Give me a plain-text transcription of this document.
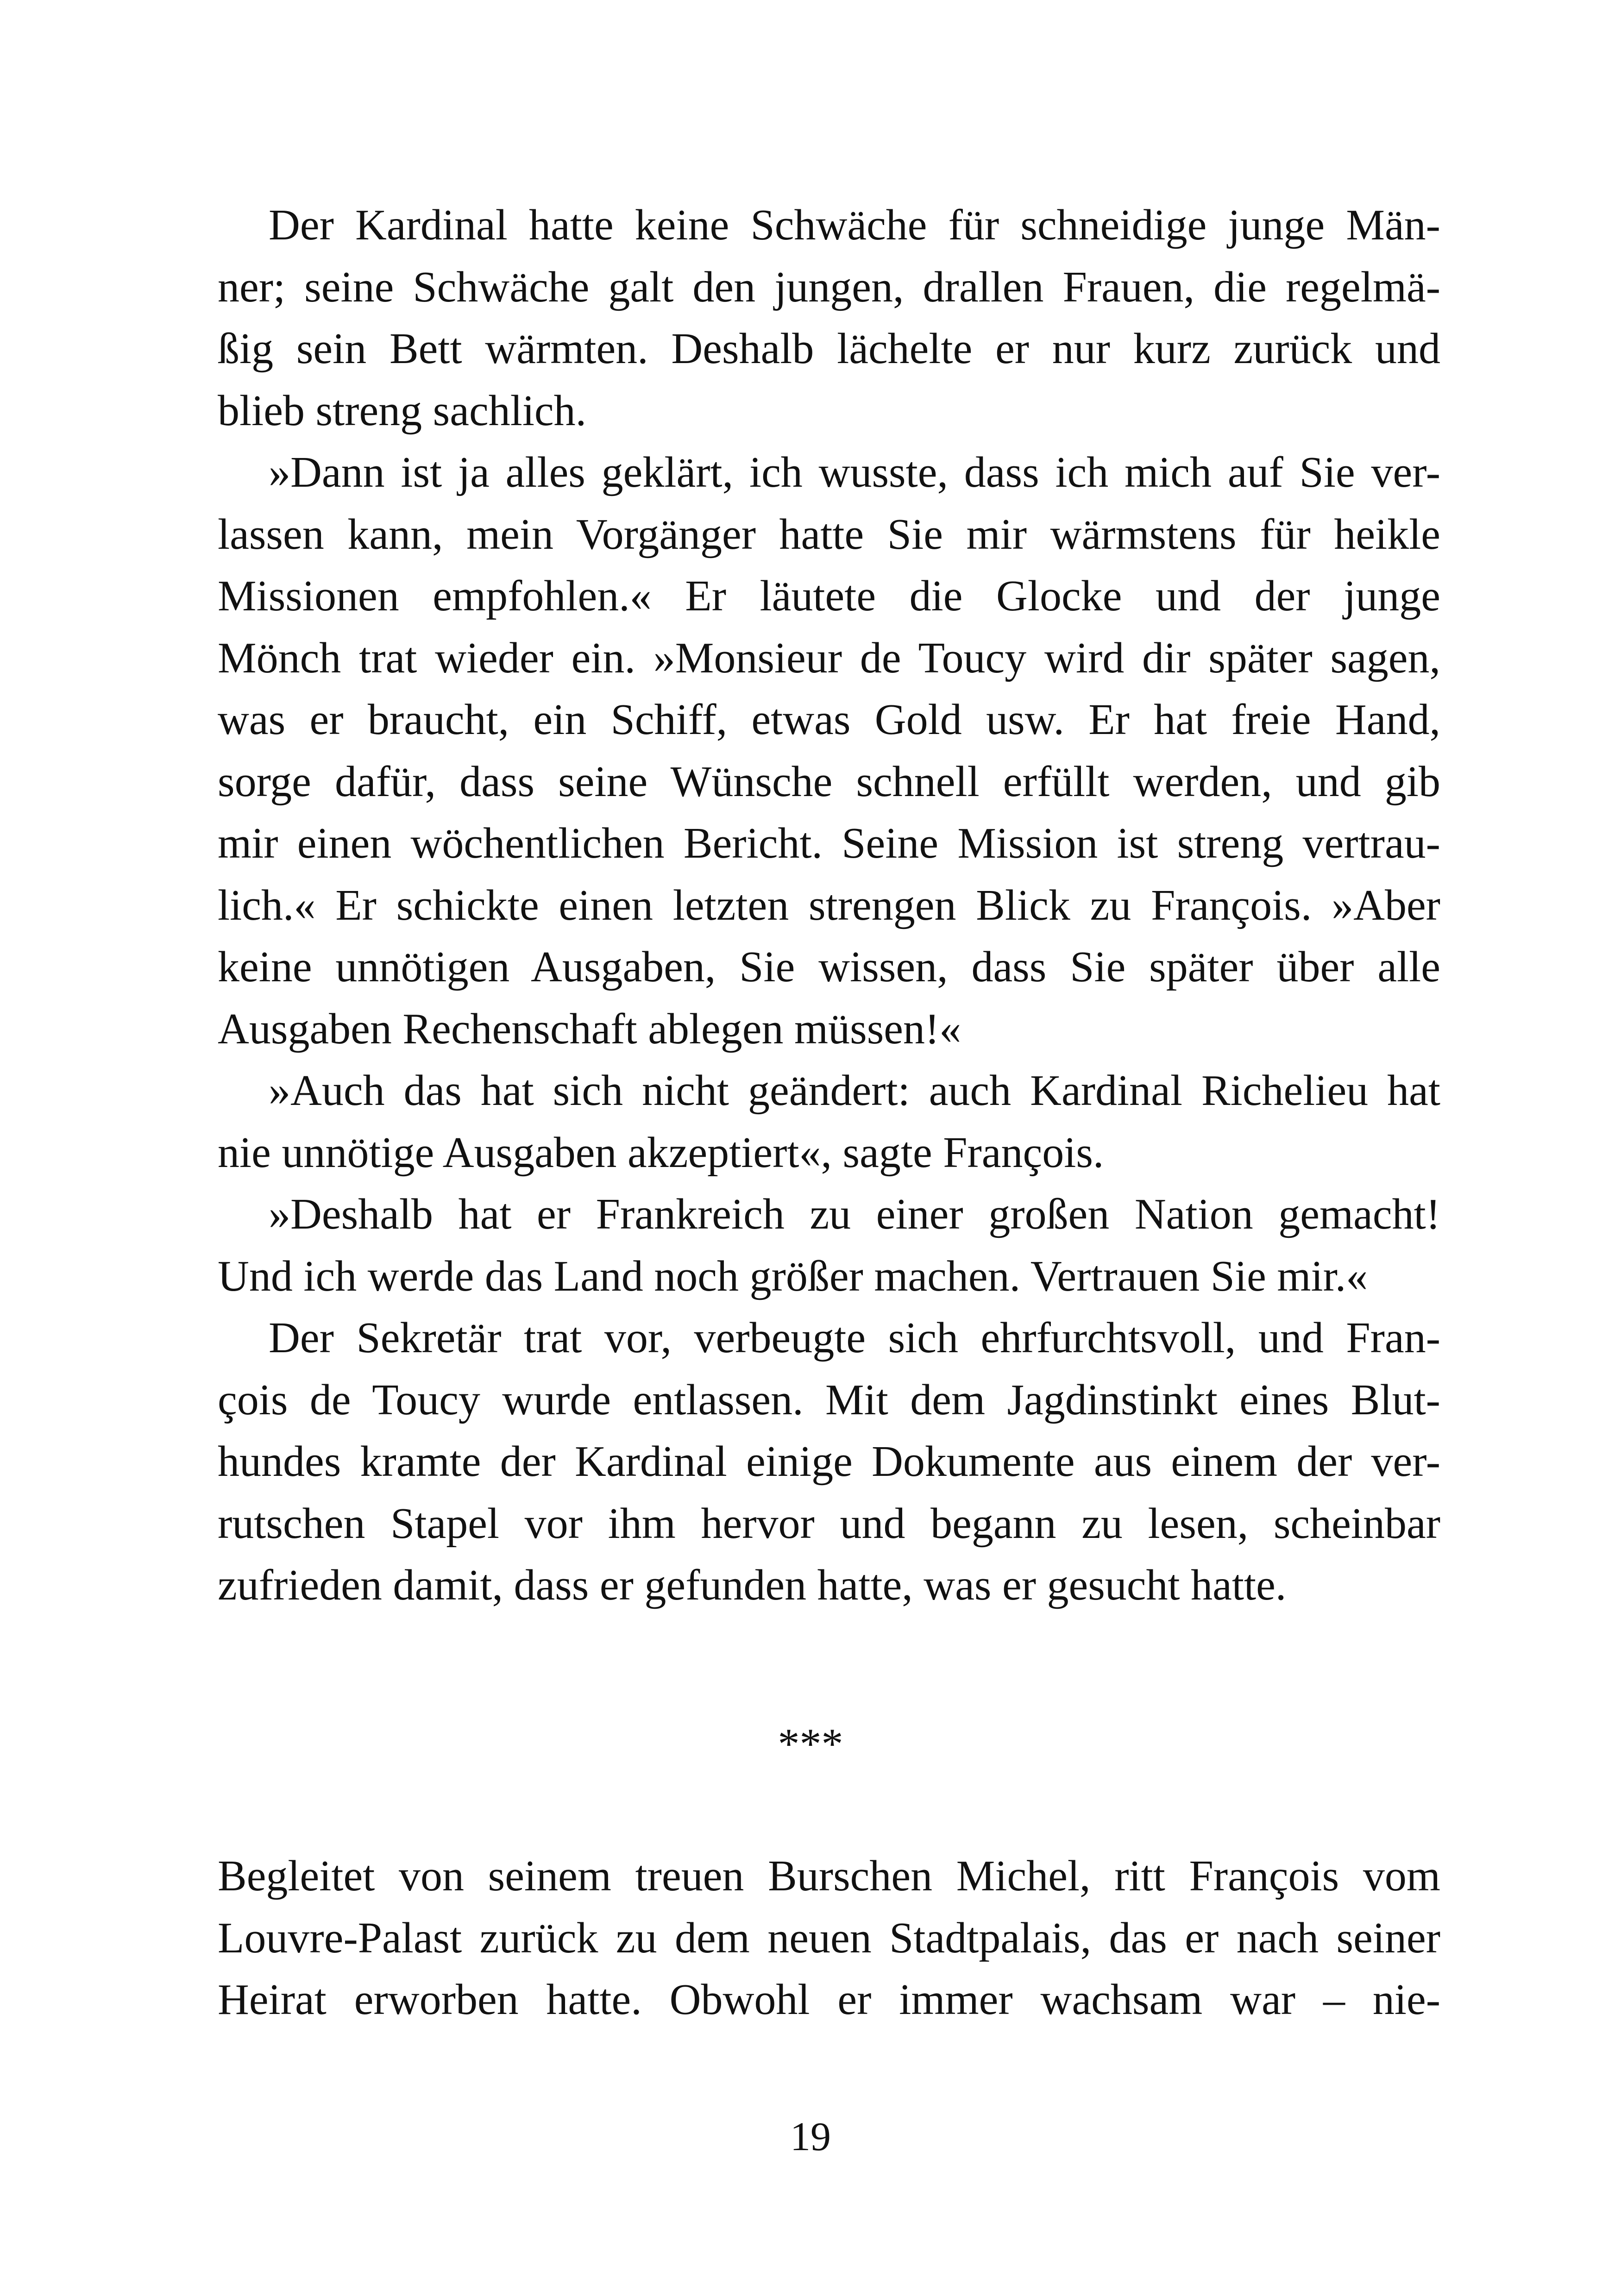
Der Kardinal hatte keine Schwäche für schneidige junge Män-
ner; seine Schwäche galt den jungen, drallen Frauen, die regelmä-
ßig sein Bett wärmten. Deshalb lächelte er nur kurz zurück und
blieb streng sachlich.

»Dann ist ja alles geklärt, ich wusste, dass ich mich auf Sie ver-
lassen kann, mein Vorgänger hatte Sie mir wärmstens für heikle
Missionen empfohlen.« Er läutete die Glocke und der junge
Mönch trat wieder ein. »Monsieur de Toucy wird dir später sagen,
was er braucht, ein Schiff, etwas Gold usw. Er hat freie Hand,
sorge dafür, dass seine Wünsche schnell erfüllt werden, und gib
mir einen wöchentlichen Bericht. Seine Mission ist streng vertrau-
lich.« Er schickte einen letzten strengen Blick zu François. »Aber
keine unnötigen Ausgaben, Sie wissen, dass Sie später über alle
Ausgaben Rechenschaft ablegen müssen!«

»Auch das hat sich nicht geändert: auch Kardinal Richelieu hat
nie unnötige Ausgaben akzeptiert«, sagte François.

»Deshalb hat er Frankreich zu einer großen Nation gemacht!
Und ich werde das Land noch größer machen. Vertrauen Sie mir.«

Der Sekretär trat vor, verbeugte sich ehrfurchtsvoll, und Fran-
çois de Toucy wurde entlassen. Mit dem Jagdinstinkt eines Blut-
hundes kramte der Kardinal einige Dokumente aus einem der ver-
rutschen Stapel vor ihm hervor und begann zu lesen, scheinbar
zufrieden damit, dass er gefunden hatte, was er gesucht hatte.

***

Begleitet von seinem treuen Burschen Michel, ritt François vom
Louvre-Palast zurück zu dem neuen Stadtpalais, das er nach seiner
Heirat erworben hatte. Obwohl er immer wachsam war – nie-

19
